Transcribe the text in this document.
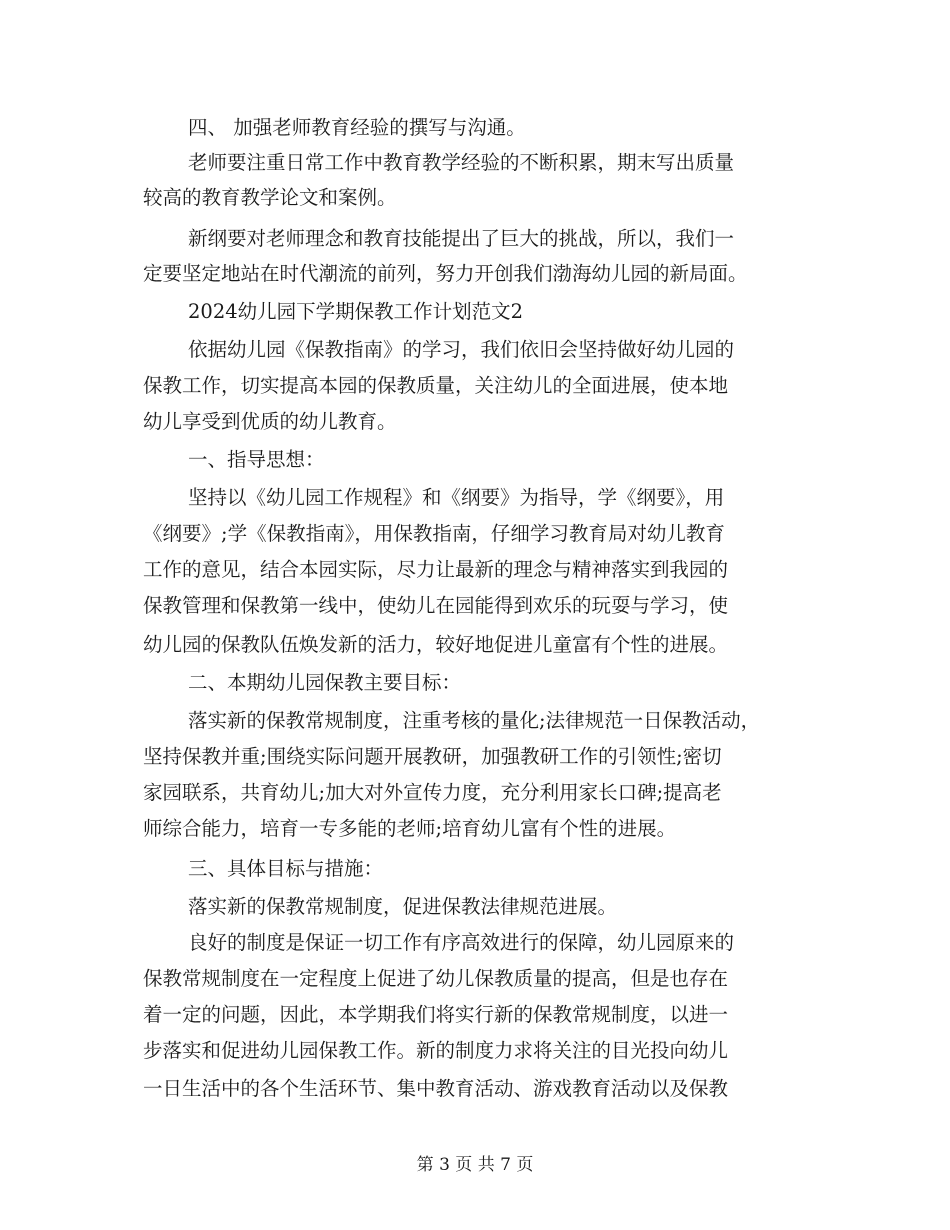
四、 加强老师教育经验的撰写与沟通。
老师要注重日常工作中教育教学经验的不断积累，期末写出质量
较高的教育教学论文和案例。
新纲要对老师理念和教育技能提出了巨大的挑战，所以，我们一
定要坚定地站在时代潮流的前列，努力开创我们渤海幼儿园的新局面。
2024幼儿园下学期保教工作计划范文2
依据幼儿园《保教指南》的学习，我们依旧会坚持做好幼儿园的
保教工作，切实提高本园的保教质量，关注幼儿的全面进展，使本地
幼儿享受到优质的幼儿教育。
一、指导思想：
坚持以《幼儿园工作规程》和《纲要》为指导，学《纲要》，用
《纲要》;学《保教指南》，用保教指南，仔细学习教育局对幼儿教育
工作的意见，结合本园实际，尽力让最新的理念与精神落实到我园的
保教管理和保教第一线中，使幼儿在园能得到欢乐的玩耍与学习，使
幼儿园的保教队伍焕发新的活力，较好地促进儿童富有个性的进展。
二、本期幼儿园保教主要目标：
落实新的保教常规制度，注重考核的量化;法律规范一日保教活动，
坚持保教并重;围绕实际问题开展教研，加强教研工作的引领性;密切
家园联系，共育幼儿;加大对外宣传力度，充分利用家长口碑;提高老
师综合能力，培育一专多能的老师;培育幼儿富有个性的进展。
三、具体目标与措施：
落实新的保教常规制度，促进保教法律规范进展。
良好的制度是保证一切工作有序高效进行的保障，幼儿园原来的
保教常规制度在一定程度上促进了幼儿保教质量的提高，但是也存在
着一定的问题，因此，本学期我们将实行新的保教常规制度，以进一
步落实和促进幼儿园保教工作。新的制度力求将关注的目光投向幼儿
一日生活中的各个生活环节、集中教育活动、游戏教育活动以及保教
第 3 页 共 7 页
